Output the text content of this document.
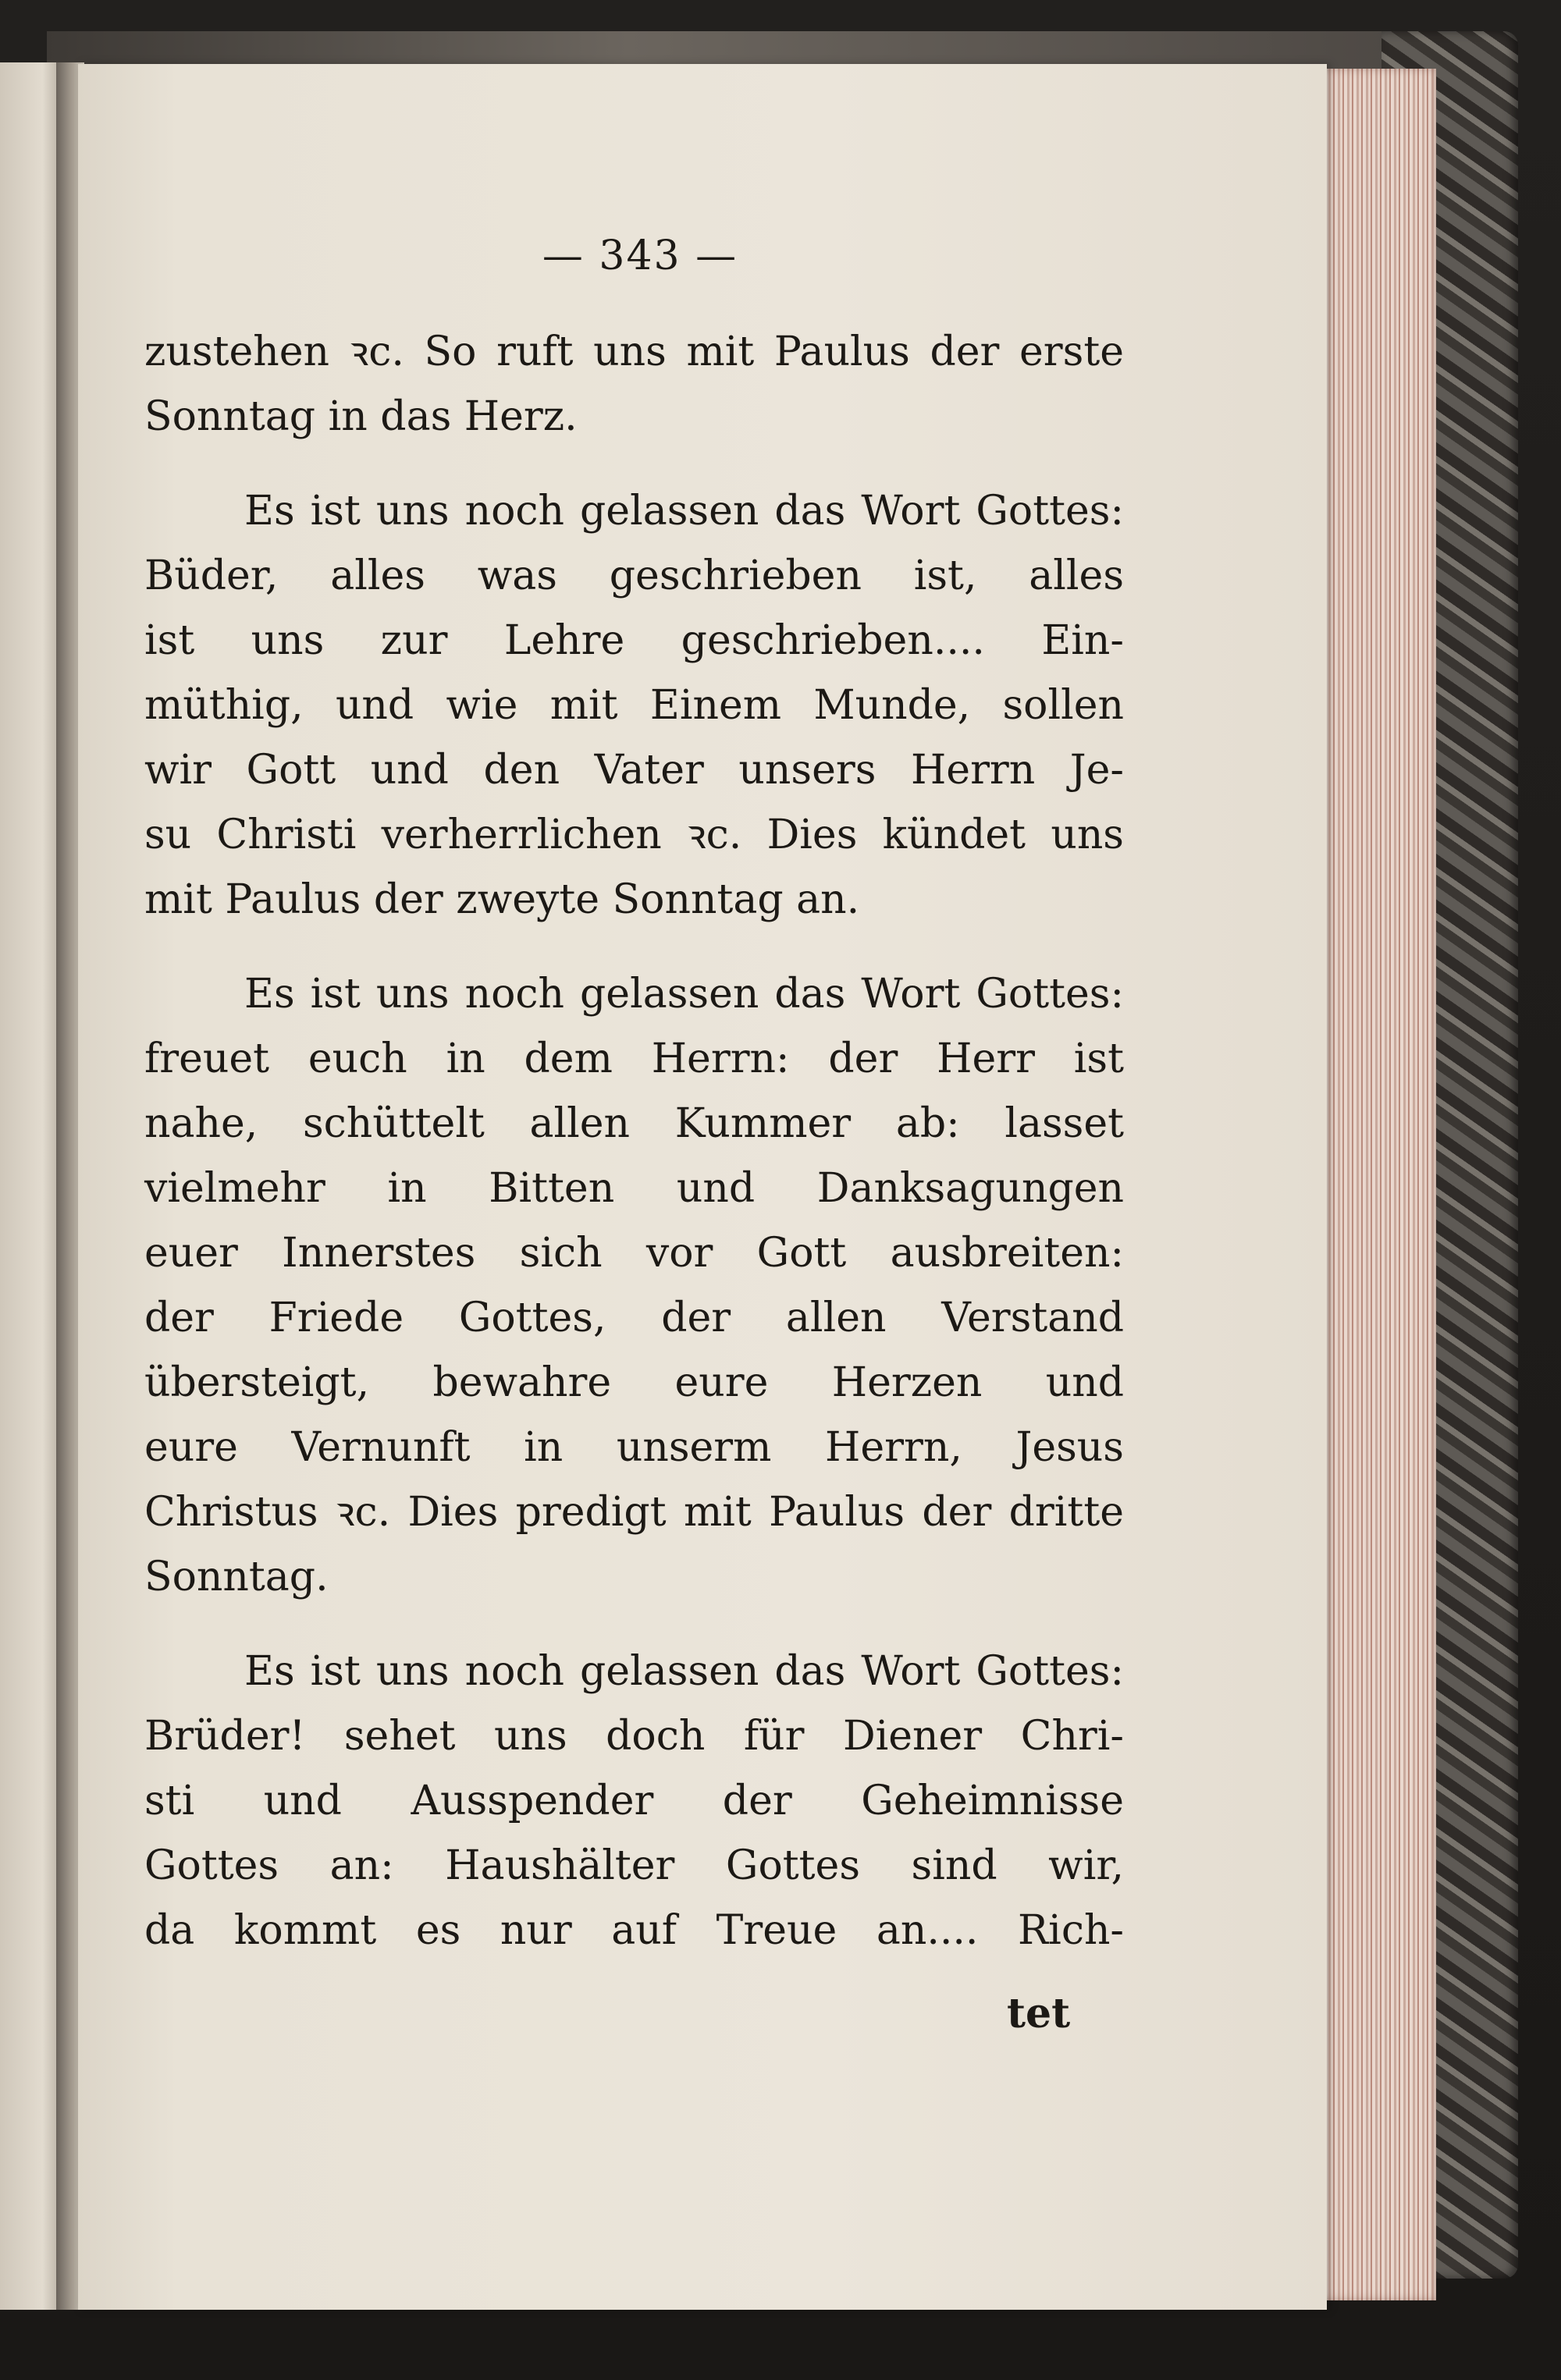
— 343 —
zustehen ꝛc. So ruft uns mit Paulus der erste
Sonntag in das Herz.
Es ist uns noch gelassen das Wort Gottes:
Büder, alles was geschrieben ist, alles
ist uns zur Lehre geschrieben.... Ein-
müthig, und wie mit Einem Munde, sollen
wir Gott und den Vater unsers Herrn Je-
su Christi verherrlichen ꝛc. Dies kündet uns
mit Paulus der zweyte Sonntag an.
Es ist uns noch gelassen das Wort Gottes:
freuet euch in dem Herrn: der Herr ist
nahe, schüttelt allen Kummer ab: lasset
vielmehr in Bitten und Danksagungen
euer Innerstes sich vor Gott ausbreiten:
der Friede Gottes, der allen Verstand
übersteigt, bewahre eure Herzen und
eure Vernunft in unserm Herrn, Jesus
Christus ꝛc. Dies predigt mit Paulus der dritte
Sonntag.
Es ist uns noch gelassen das Wort Gottes:
Brüder! sehet uns doch für Diener Chri-
sti und Ausspender der Geheimnisse
Gottes an: Haushälter Gottes sind wir,
da kommt es nur auf Treue an.... Rich-
tet
